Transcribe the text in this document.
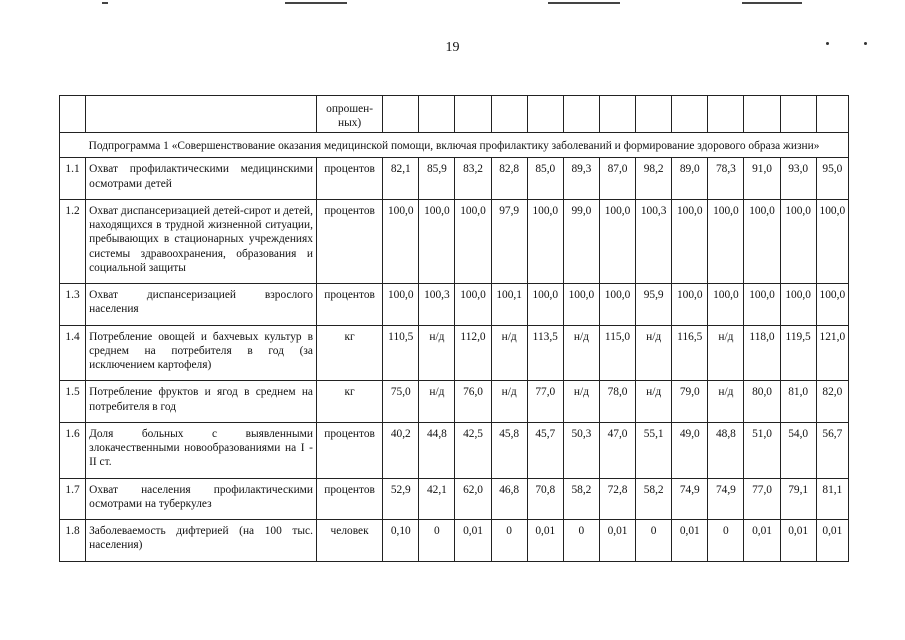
19
		опрошен-
ных)													
Подпрограмма 1 «Совершенствование оказания медицинской помощи, включая профилактику заболеваний и формирование здорового образа жизни»															
1.1	Охват профилактическими медицинскими осмотрами детей	процентов	82,1	85,9	83,2	82,8	85,0	89,3	87,0	98,2	89,0	78,3	91,0	93,0	95,0
1.2	Охват диспансеризацией детей-сирот и детей, находящихся в трудной жизненной ситуации, пребывающих в стационарных учреждениях системы здравоохранения, образования и социальной защиты	процентов	100,0	100,0	100,0	97,9	100,0	99,0	100,0	100,3	100,0	100,0	100,0	100,0	100,0
1.3	Охват диспансеризацией взрослого населения	процентов	100,0	100,3	100,0	100,1	100,0	100,0	100,0	95,9	100,0	100,0	100,0	100,0	100,0
1.4	Потребление овощей и бахчевых культур в среднем на потребителя в год (за исключением картофеля)	кг	110,5	н/д	112,0	н/д	113,5	н/д	115,0	н/д	116,5	н/д	118,0	119,5	121,0
1.5	Потребление фруктов и ягод в среднем на потребителя в год	кг	75,0	н/д	76,0	н/д	77,0	н/д	78,0	н/д	79,0	н/д	80,0	81,0	82,0
1.6	Доля больных с выявленными злокачественными новообразованиями на I - II ст.	процентов	40,2	44,8	42,5	45,8	45,7	50,3	47,0	55,1	49,0	48,8	51,0	54,0	56,7
1.7	Охват населения профилактическими осмотрами на туберкулез	процентов	52,9	42,1	62,0	46,8	70,8	58,2	72,8	58,2	74,9	74,9	77,0	79,1	81,1
1.8	Заболеваемость дифтерией (на 100 тыс. населения)	человек	0,10	0	0,01	0	0,01	0	0,01	0	0,01	0	0,01	0,01	0,01
